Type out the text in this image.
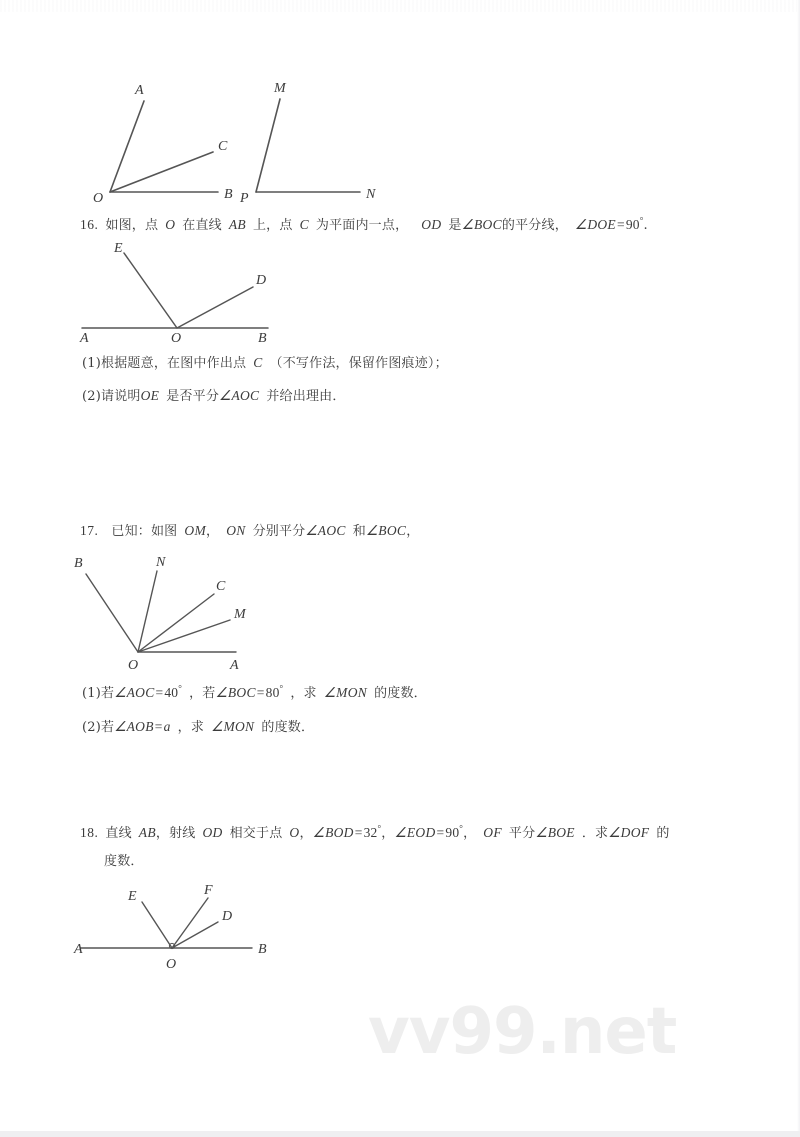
A
C
B
O
M
N
P
16. 如图，点 O 在直线 AB 上，点 C 为平面内一点， OD 是∠BOC的平分线， ∠DOE=90°.
E
D
A	O	B
(1)根据题意，在图中作出点 C （不写作法，保留作图痕迹）；
(2)请说明OE 是否平分∠AOC 并给出理由．
17. 已知：如图 OM， ON 分别平分∠AOC 和∠BOC，
B	N
C
M
O	A
(1)若∠AOC=40° ，若∠BOC=80° ，求 ∠MON 的度数．
(2)若∠AOB=a ，求 ∠MON 的度数．
18. 直线 AB，射线 OD 相交于点 O，∠BOD=32°，∠EOD=90°， OF 平分∠BOE ．求∠DOF 的
度数．
E	F
D
A	B
O
vv99.net
